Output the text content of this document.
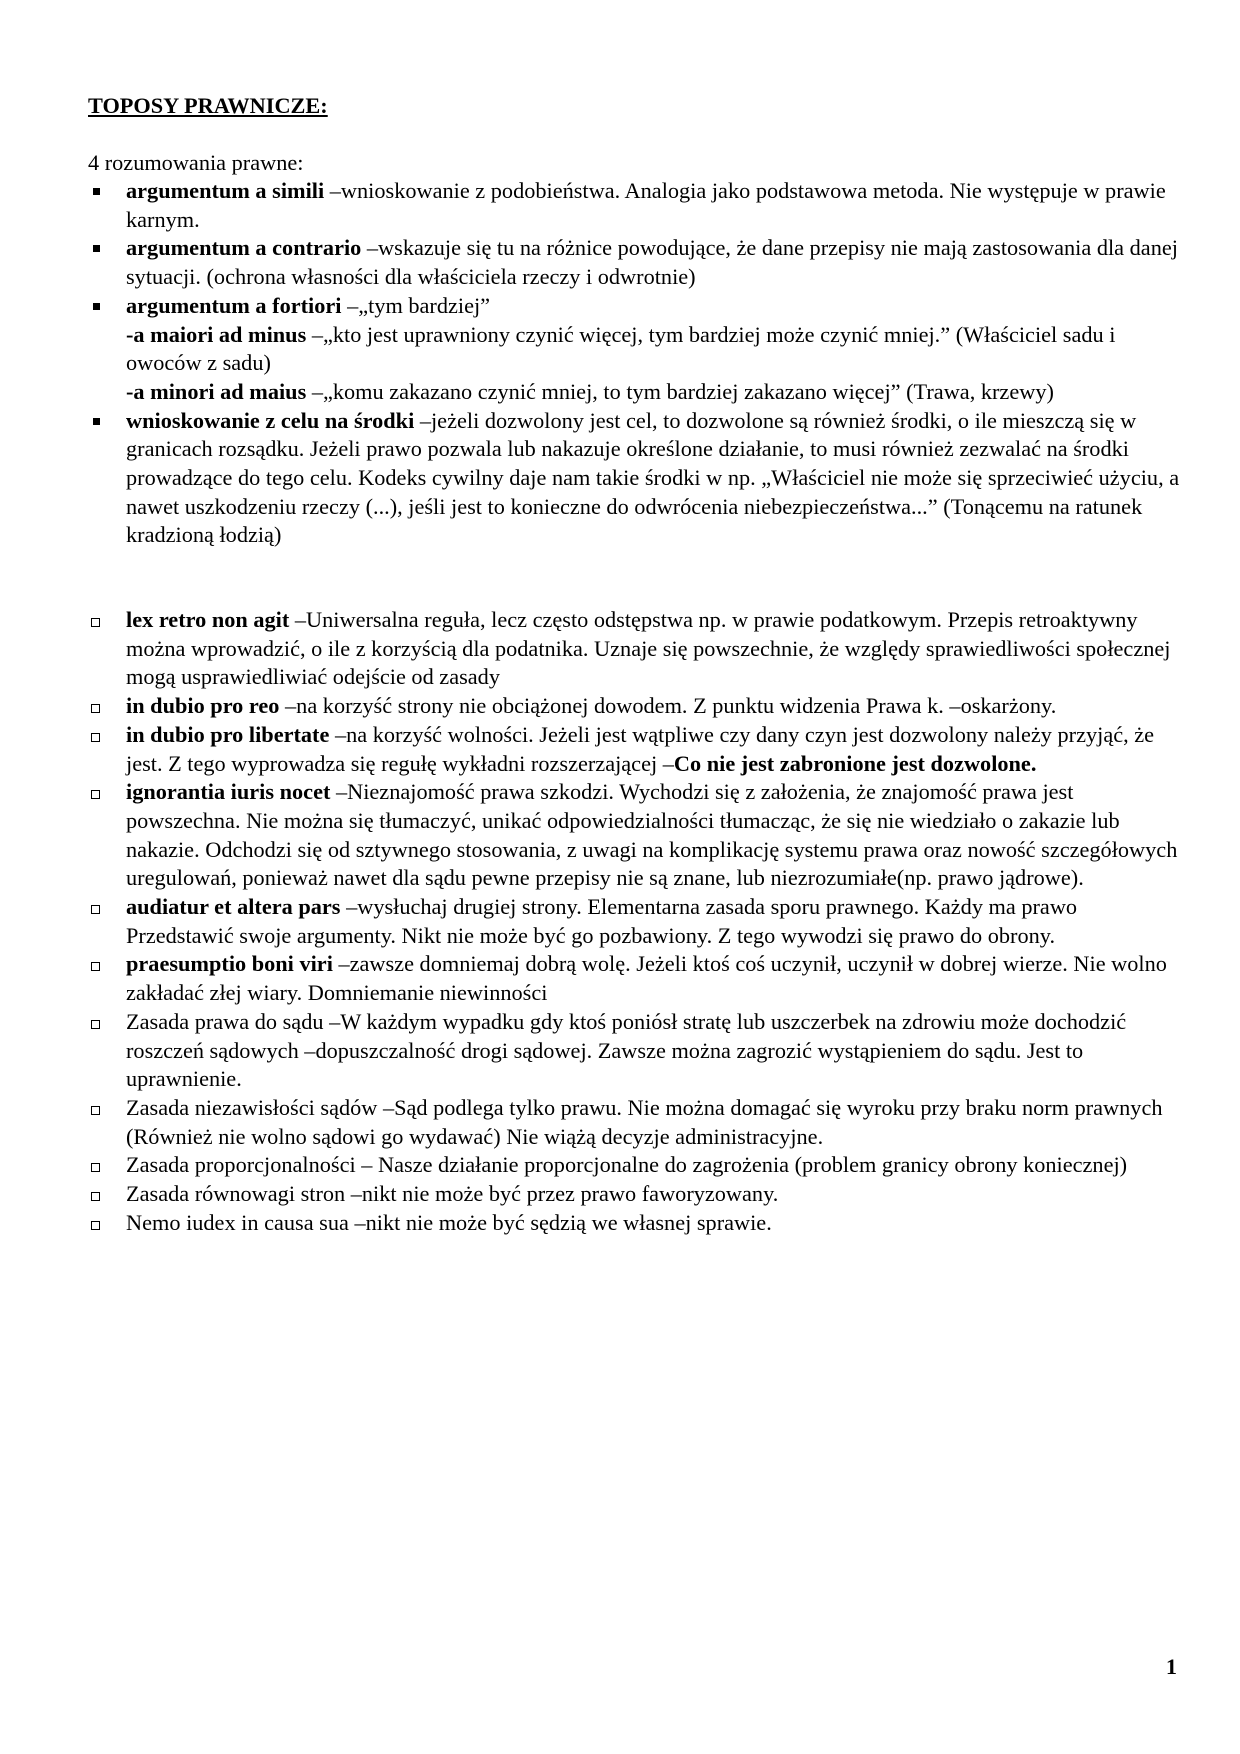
TOPOSY PRAWNICZE:
4 rozumowania prawne:
argumentum a simili –wnioskowanie z podobieństwa. Analogia jako podstawowa metoda. Nie występuje w prawie karnym.
argumentum a contrario –wskazuje się tu na różnice powodujące, że dane przepisy nie mają zastosowania dla danej sytuacji. (ochrona własności dla właściciela rzeczy i odwrotnie)
argumentum a fortiori –„tym bardziej”
-a maiori ad minus –„kto jest uprawniony czynić więcej, tym bardziej może czynić mniej.” (Właściciel sadu i owoców z sadu)
-a minori ad maius –„komu zakazano czynić mniej, to tym bardziej zakazano więcej” (Trawa, krzewy)
wnioskowanie z celu na środki –jeżeli dozwolony jest cel, to dozwolone są również środki, o ile mieszczą się w granicach rozsądku. Jeżeli prawo pozwala lub nakazuje określone działanie, to musi również zezwalać na środki prowadzące do tego celu. Kodeks cywilny daje nam takie środki w np. „Właściciel nie może się sprzeciwieć użyciu, a nawet uszkodzeniu rzeczy (...), jeśli jest to konieczne do odwrócenia niebezpieczeństwa...” (Tonącemu na ratunek kradzioną łodzią)
lex retro non agit –Uniwersalna reguła, lecz często odstępstwa np. w prawie podatkowym. Przepis retroaktywny można wprowadzić, o ile z korzyścią dla podatnika. Uznaje się powszechnie, że względy sprawiedliwości społecznej mogą usprawiedliwiać odejście od zasady
in dubio pro reo –na korzyść strony nie obciążonej dowodem. Z punktu widzenia Prawa k. –oskarżony.
in dubio pro libertate –na korzyść wolności. Jeżeli jest wątpliwe czy dany czyn jest dozwolony należy przyjąć, że jest. Z tego wyprowadza się regułę wykładni rozszerzającej –Co nie jest zabronione jest dozwolone.
ignorantia iuris nocet –Nieznajomość prawa szkodzi. Wychodzi się z założenia, że znajomość prawa jest powszechna. Nie można się tłumaczyć, unikać odpowiedzialności tłumacząc, że się nie wiedziało o zakazie lub nakazie. Odchodzi się od sztywnego stosowania, z uwagi na komplikację systemu prawa oraz nowość szczegółowych uregulowań, ponieważ nawet dla sądu pewne przepisy nie są znane, lub niezrozumiałe(np. prawo jądrowe).
audiatur et altera pars –wysłuchaj drugiej strony. Elementarna zasada sporu prawnego. Każdy ma prawo Przedstawić swoje argumenty. Nikt nie może być go pozbawiony. Z tego wywodzi się prawo do obrony.
praesumptio boni viri –zawsze domniemaj dobrą wolę. Jeżeli ktoś coś uczynił, uczynił w dobrej wierze. Nie wolno zakładać złej wiary. Domniemanie niewinności
Zasada prawa do sądu –W każdym wypadku gdy ktoś poniósł stratę lub uszczerbek na zdrowiu może dochodzić roszczeń sądowych –dopuszczalność drogi sądowej. Zawsze można zagrozić wystąpieniem do sądu. Jest to uprawnienie.
Zasada niezawisłości sądów –Sąd podlega tylko prawu. Nie można domagać się wyroku przy braku norm prawnych (Również nie wolno sądowi go wydawać) Nie wiążą decyzje administracyjne.
Zasada proporcjonalności – Nasze działanie proporcjonalne do zagrożenia (problem granicy obrony koniecznej)
Zasada równowagi stron –nikt nie może być przez prawo faworyzowany.
Nemo iudex in causa sua –nikt nie może być sędzią we własnej sprawie.
1
